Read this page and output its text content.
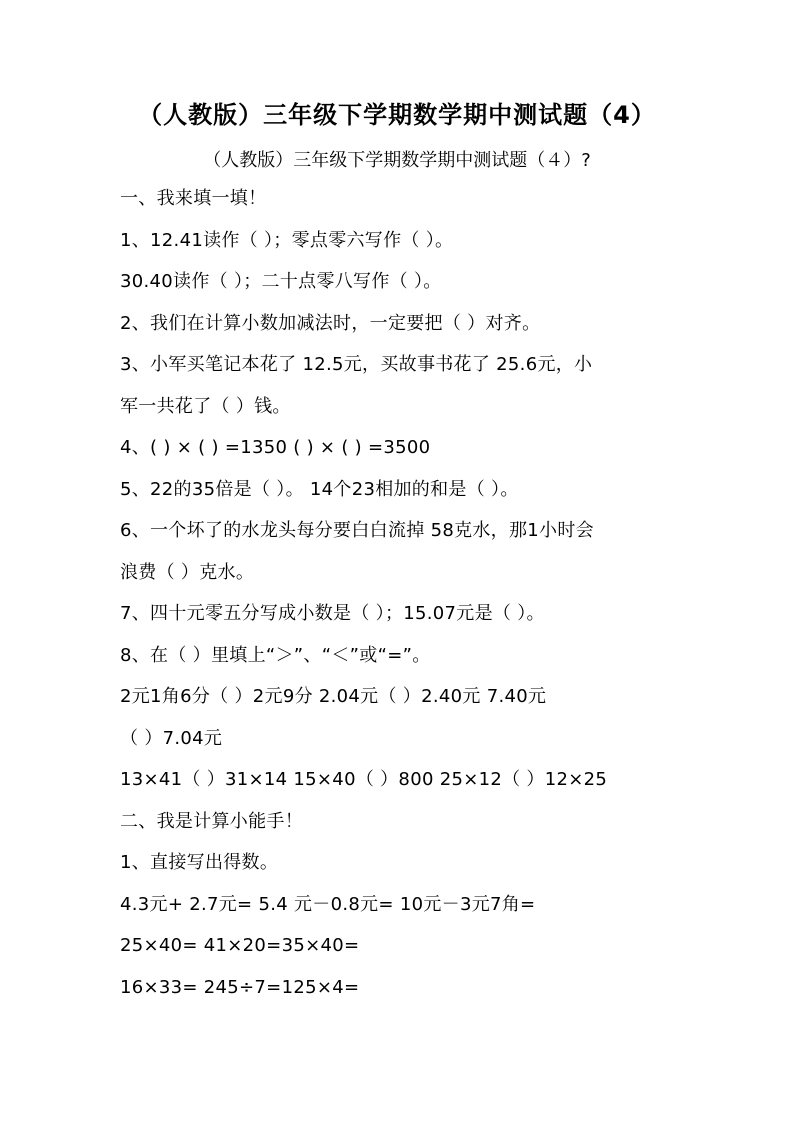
（人教版）三年级下学期数学期中测试题（4）
（人教版）三年级下学期数学期中测试题（４）?
一、我来填一填！
1、12.41读作（ ）；零点零六写作（ ）。
30.40读作（ ）；二十点零八写作（ ）。
2、我们在计算小数加减法时，一定要把（ ）对齐。
3、小军买笔记本花了 12.5元，买故事书花了 25.6元，小
军一共花了（ ）钱。
4、( ) × ( ) =1350 ( ) × ( ) =3500
5、22的35倍是（ ）。 14个23相加的和是（ ）。
6、一个坏了的水龙头每分要白白流掉 58克水，那1小时会
浪费（ ）克水。
7、四十元零五分写成小数是（ ）；15.07元是（ ）。
8、在（ ）里填上“＞”、“＜”或“=”。
2元1角6分（ ）2元9分 2.04元（ ）2.40元 7.40元
（ ）7.04元
13×41（ ）31×14 15×40（ ）800 25×12（ ）12×25
二、我是计算小能手！
1、直接写出得数。
4.3元+ 2.7元= 5.4 元－0.8元= 10元－3元7角=
25×40= 41×20=35×40=
16×33= 245÷7=125×4=
